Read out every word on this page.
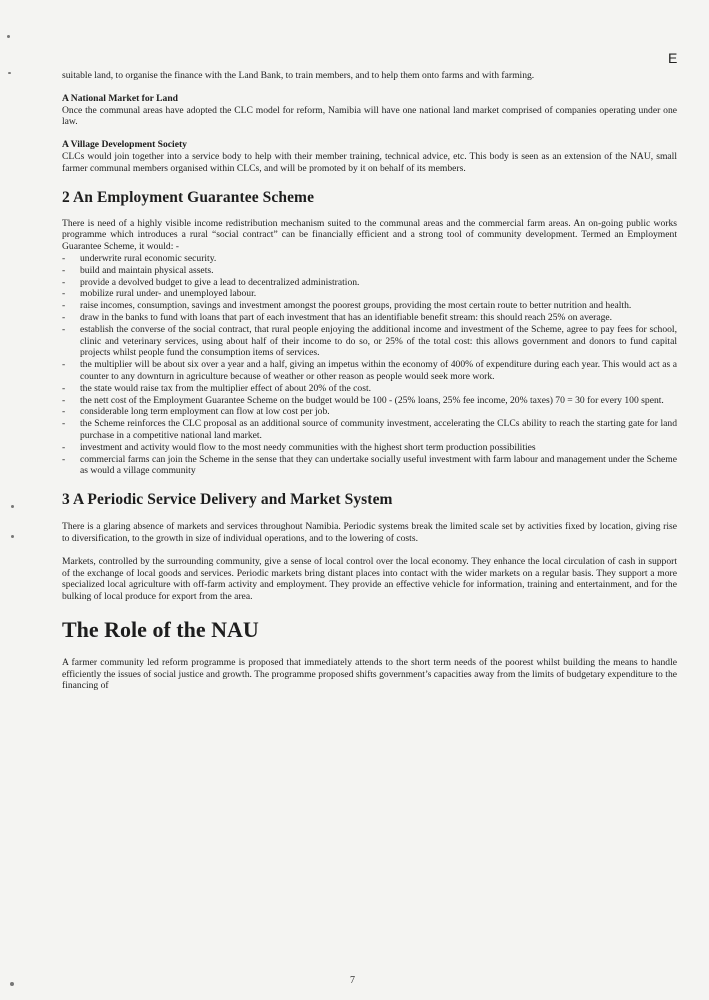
E

suitable land, to organise the finance with the Land Bank, to train members, and to help them onto farms and with farming.

A National Market for Land

Once the communal areas have adopted the CLC model for reform, Namibia will have one national land market comprised of companies operating under one law.

A Village Development Society

CLCs would join together into a service body to help with their member training, technical advice, etc. This body is seen as an extension of the NAU, small farmer communal members organised within CLCs, and will be promoted by it on behalf of its members.

2 An Employment Guarantee Scheme

There is need of a highly visible income redistribution mechanism suited to the communal areas and the commercial farm areas. An on-going public works programme which introduces a rural “social contract” can be financially efficient and a strong tool of community development. Termed an Employment Guarantee Scheme, it would: -

- underwrite rural economic security.
- build and maintain physical assets.
- provide a devolved budget to give a lead to decentralized administration.
- mobilize rural under- and unemployed labour.
- raise incomes, consumption, savings and investment amongst the poorest groups, providing the most certain route to better nutrition and health.
- draw in the banks to fund with loans that part of each investment that has an identifiable benefit stream: this should reach 25% on average.
- establish the converse of the social contract, that rural people enjoying the additional income and investment of the Scheme, agree to pay fees for school, clinic and veterinary services, using about half of their income to do so, or 25% of the total cost: this allows government and donors to fund capital projects whilst people fund the consumption items of services.
- the multiplier will be about six over a year and a half, giving an impetus within the economy of 400% of expenditure during each year. This would act as a counter to any downturn in agriculture because of weather or other reason as people would seek more work.
- the state would raise tax from the multiplier effect of about 20% of the cost.
- the nett cost of the Employment Guarantee Scheme on the budget would be 100 - (25% loans, 25% fee income, 20% taxes) 70 = 30 for every 100 spent.
- considerable long term employment can flow at low cost per job.
- the Scheme reinforces the CLC proposal as an additional source of community investment, accelerating the CLCs ability to reach the starting gate for land purchase in a competitive national land market.
- investment and activity would flow to the most needy communities with the highest short term production possibilities
- commercial farms can join the Scheme in the sense that they can undertake socially useful investment with farm labour and management under the Scheme as would a village community
3 A Periodic Service Delivery and Market System

There is a glaring absence of markets and services throughout Namibia. Periodic systems break the limited scale set by activities fixed by location, giving rise to diversification, to the growth in size of individual operations, and to the lowering of costs.

Markets, controlled by the surrounding community, give a sense of local control over the local economy. They enhance the local circulation of cash in support of the exchange of local goods and services. Periodic markets bring distant places into contact with the wider markets on a regular basis. They support a more specialized local agriculture with off-farm activity and employment. They provide an effective vehicle for information, training and entertainment, and for the bulking of local produce for export from the area.

The Role of the NAU

A farmer community led reform programme is proposed that immediately attends to the short term needs of the poorest whilst building the means to handle efficiently the issues of social justice and growth. The programme proposed shifts government’s capacities away from the limits of budgetary expenditure to the financing of

7
